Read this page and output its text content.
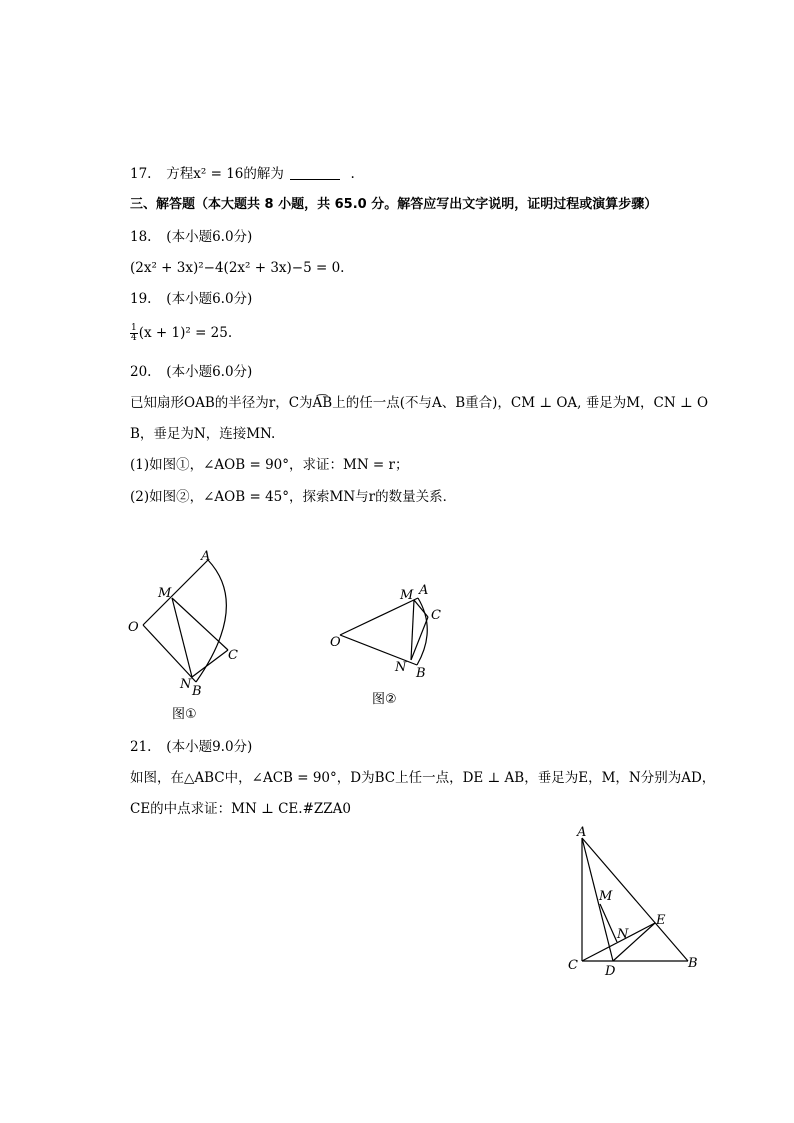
17. 方程x² = 16的解为	.
三、解答题（本大题共 8 小题，共 65.0 分。解答应写出文字说明，证明过程或演算步骤）
18. (本小题6.0分)
(2x² + 3x)²−4(2x² + 3x)−5 = 0.
19. (本小题6.0分)
$\frac{1}{4} (x + 1)^2 = 25$.
20. (本小题6.0分)
已知扇形OAB的半径为r，C为A͡B上的任一点(不与A、B重合)，CM ⊥ OA, 垂足为M，CN ⊥ O
B，垂足为N，连接MN.
(1)如图①，∠AOB = 90°，求证：MN = r；
(2)如图②，∠AOB = 45°，探索MN与r的数量关系．
O
A
M
C
N B
图①
O
M A
C
N B
图②
21. (本小题9.0分)
如图，在△ABC中，∠ACB = 90°，D为BC上任一点，DE ⊥ AB，垂足为E，M，N分别为AD，
CE的中点求证：MN ⊥ CE.#ZZA0
A
M
E
N
C D
B
